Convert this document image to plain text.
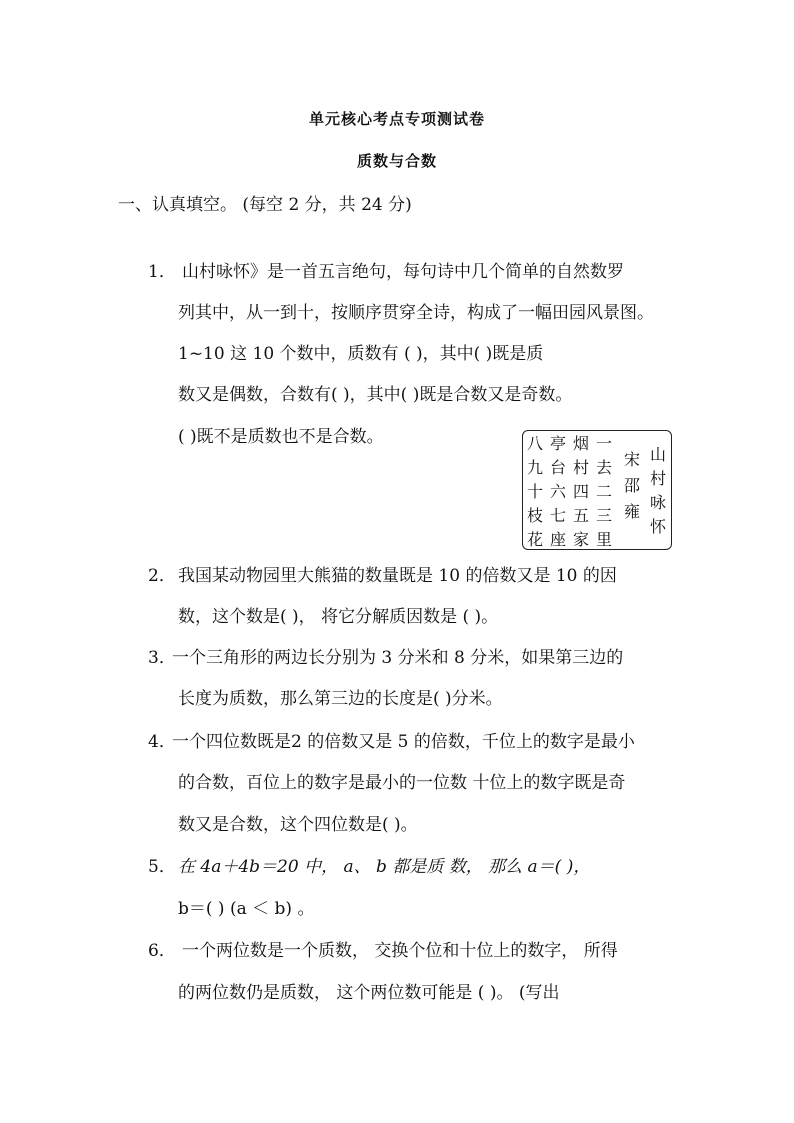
单元核心考点专项测试卷
质数与合数
一、认真填空。 (每空 2 分，共 24 分)
1． 山村咏怀》是一首五言绝句，每句诗中几个简单的自然数罗
列其中，从一到十，按顺序贯穿全诗，构成了一幅田园风景图。
1~10 这 10 个数中，质数有 ( )，其中( )既是质
数又是偶数，合数有( )，其中( )既是合数又是奇数。
( )既不是质数也不是合数。	八
九
十
枝
花
亭
台
六
七
座
烟
村
四
五
家
一
去
二
三
里
宋
邵
雍
山
村
咏
怀
2． 我国某动物园里大熊猫的数量既是 10 的倍数又是 10 的因
数，这个数是( )， 将它分解质因数是 ( )。
3．
一个三角形的两边长分别为 3 分米和 8 分米，如果第三边的
长度为质数，那么第三边的长度是( )分米。
4．
一个四位数既是2 的倍数又是 5 的倍数，千位上的数字是最小
的合数，百位上的数字是最小的一位数 十位上的数字既是奇
数又是合数，这个四位数是( )。
5． 在 4a＋4b＝20 中， a、 b 都是质 数， 那么 a＝( )，
b＝( ) (a ＜ b) 。
6． 一个两位数是一个质数， 交换个位和十位上的数字， 所得
的两位数仍是质数， 这个两位数可能是 ( )。 (写出
